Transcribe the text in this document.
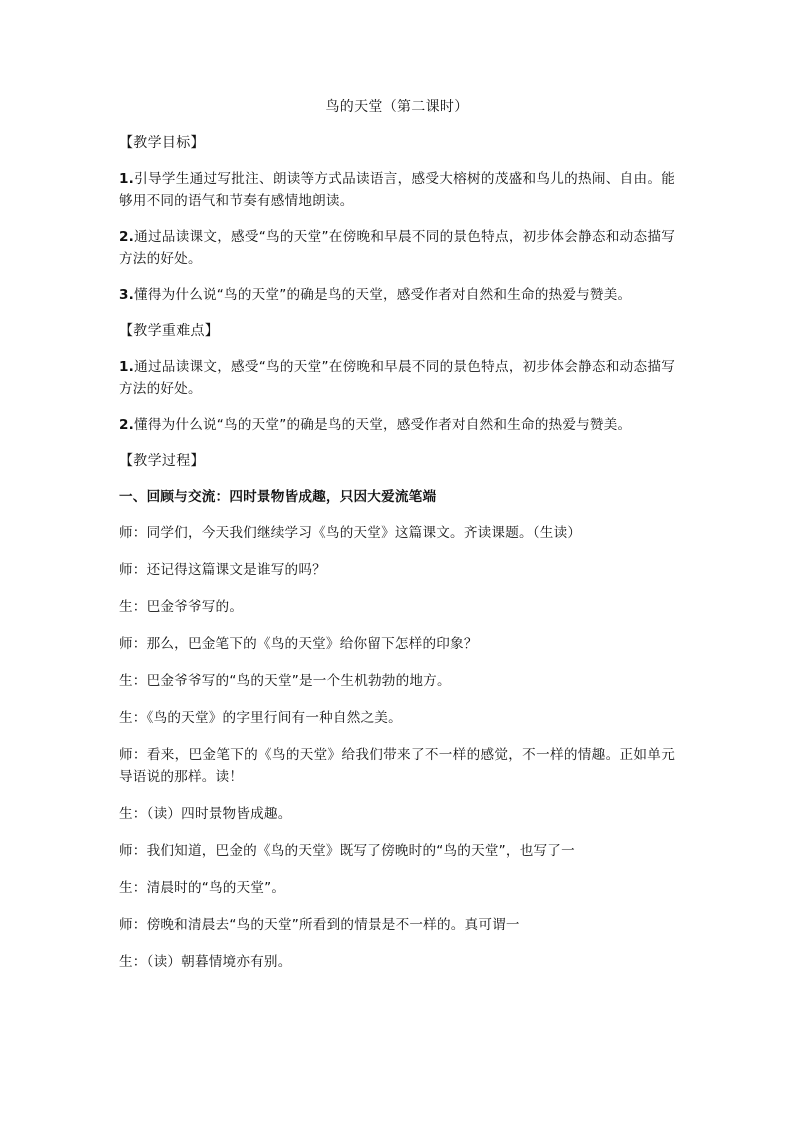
鸟的天堂（第二课时）
【教学目标】
1.引导学生通过写批注、朗读等方式品读语言，感受大榕树的茂盛和鸟儿的热闹、自由。能够用不同的语气和节奏有感情地朗读。
2.通过品读课文，感受“鸟的天堂”在傍晚和早晨不同的景色特点，初步体会静态和动态描写方法的好处。
3.懂得为什么说“鸟的天堂”的确是鸟的天堂，感受作者对自然和生命的热爱与赞美。
【教学重难点】
1.通过品读课文，感受“鸟的天堂”在傍晚和早晨不同的景色特点，初步体会静态和动态描写方法的好处。
2.懂得为什么说“鸟的天堂”的确是鸟的天堂，感受作者对自然和生命的热爱与赞美。
【教学过程】
一、回顾与交流：四时景物皆成趣，只因大爱流笔端
师：同学们，今天我们继续学习《鸟的天堂》这篇课文。齐读课题。（生读）
师：还记得这篇课文是谁写的吗？
生：巴金爷爷写的。
师：那么，巴金笔下的《鸟的天堂》给你留下怎样的印象？
生：巴金爷爷写的“鸟的天堂”是一个生机勃勃的地方。
生：《鸟的天堂》的字里行间有一种自然之美。
师：看来，巴金笔下的《鸟的天堂》给我们带来了不一样的感觉，不一样的情趣。正如单元导语说的那样。读！
生：（读）四时景物皆成趣。
师：我们知道，巴金的《鸟的天堂》既写了傍晚时的“鸟的天堂”，也写了一
生：清晨时的“鸟的天堂”。
师：傍晚和清晨去“鸟的天堂”所看到的情景是不一样的。真可谓一
生：（读）朝暮情境亦有别。
